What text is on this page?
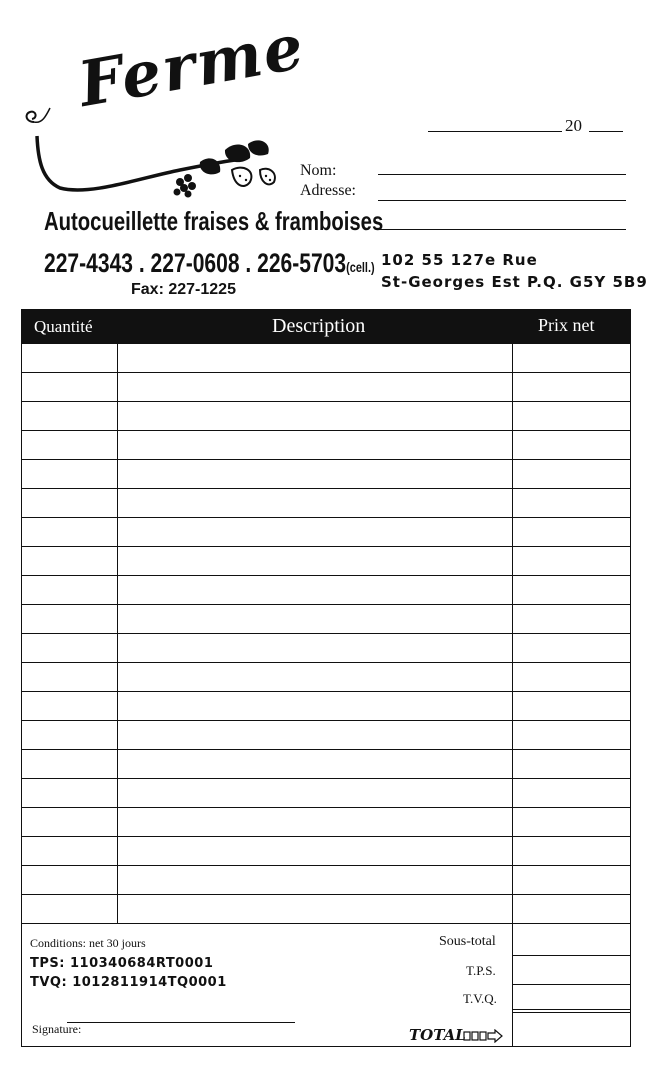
Ferme
Autocueillette fraises & framboises
227-4343 . 227-0608 . 226-5703(cell.)
Fax: 227-1225
20
Nom:
Adresse:
102 55 127e Rue
St-Georges Est P.Q. G5Y 5B9
Quantité	Description	Prix net
Conditions: net 30 jours
TPS: 110340684RT0001
TVQ: 1012811914TQ0001
Signature:
Sous-total
T.P.S.
T.V.Q.
TOTAL
